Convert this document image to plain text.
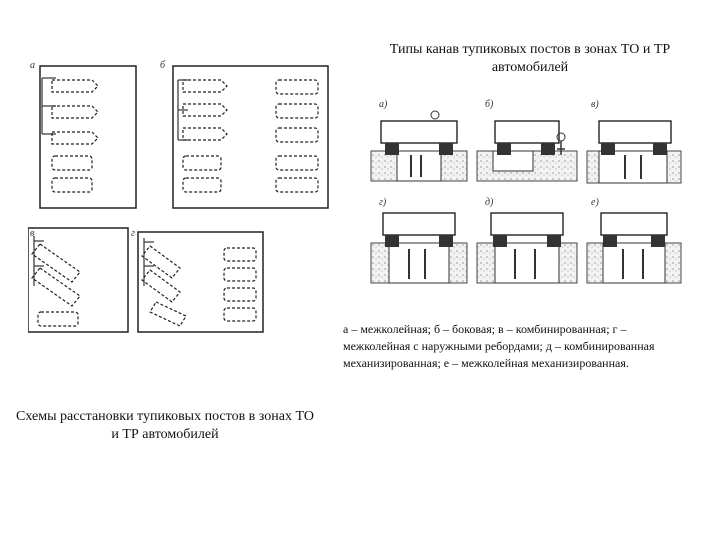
Типы канав тупиковых постов в зонах ТО и ТР автомобилей
а	б
в	г
а)	б)	в)
г)	д)	е)
а – межколейная; б – боковая; в – комбинированная; г – межколейная с наружными ребордами; д – комбинированная механизированная; е – межколейная механизированная.
Схемы расстановки тупиковых постов в зонах ТО и ТР автомобилей
